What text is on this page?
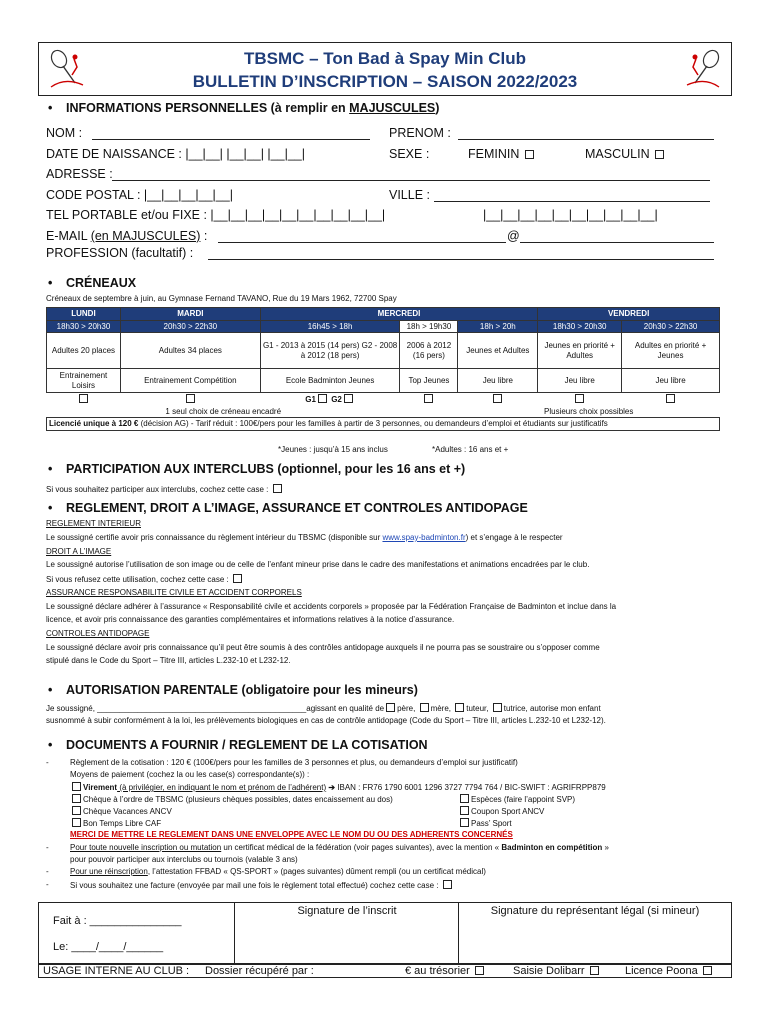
TBSMC – Ton Bad à Spay Min Club
BULLETIN D’INSCRIPTION – SAISON 2022/2023
• INFORMATIONS PERSONNELLES (à remplir en MAJUSCULES)
NOM :	PRENOM :
DATE DE NAISSANCE : |__|__| |__|__| |__|__|	SEXE :	FEMININ	MASCULIN
ADRESSE :
CODE POSTAL : |__|__|__|__|__|	VILLE :
TEL PORTABLE et/ou FIXE : |__|__|__|__|__|__|__|__|__|__|	|__|__|__|__|__|__|__|__|__|__|
E-MAIL (en MAJUSCULES) :	@
PROFESSION (facultatif) :
• CRÉNEAUX
Créneaux de septembre à juin, au Gymnase Fernand TAVANO, Rue du 19 Mars 1962, 72700 Spay
LUNDI	MARDI	MERCREDI			VENDREDI	
18h30 > 20h30	20h30 > 22h30	16h45 > 18h	18h > 19h30	18h > 20h	18h30 > 20h30	20h30 > 22h30
Adultes 20 places	Adultes 34 places	G1 - 2013 à 2015 (14 pers) G2 - 2008 à 2012 (18 pers)	2006 à 2012 (16 pers)	Jeunes et Adultes	Jeunes en priorité + Adultes	Adultes en priorité + Jeunes
Entrainement Loisirs	Entrainement Compétition	Ecole Badminton Jeunes	Top Jeunes	Jeu libre	Jeu libre	Jeu libre
		G1 G2				
1 seul choix de créneau encadré				Plusieurs choix possibles		
Licencié unique à 120 € (décision AG) - Tarif réduit : 100€/pers pour les familles à partir de 3 personnes, ou demandeurs d’emploi et étudiants sur justificatifs						
*Jeunes : jusqu’à 15 ans inclus	*Adultes : 16 ans et +
• PARTICIPATION AUX INTERCLUBS (optionnel, pour les 16 ans et +)
Si vous souhaitez participer aux interclubs, cochez cette case :
• REGLEMENT, DROIT A L’IMAGE, ASSURANCE ET CONTROLES ANTIDOPAGE
REGLEMENT INTERIEUR
Le soussigné certifie avoir pris connaissance du règlement intérieur du TBSMC (disponible sur www.spay-badminton.fr) et s’engage à le respecter
DROIT A L’IMAGE
Le soussigné autorise l’utilisation de son image ou de celle de l’enfant mineur prise dans le cadre des manifestations et animations encadrées par le club.
Si vous refusez cette utilisation, cochez cette case :
ASSURANCE RESPONSABILITE CIVILE ET ACCIDENT CORPORELS
Le soussigné déclare adhérer à l’assurance « Responsabilité civile et accidents corporels » proposée par la Fédération Française de Badminton et inclue dans la
licence, et avoir pris connaissance des garanties complémentaires et informations relatives à la notice d’assurance.
CONTROLES ANTIDOPAGE
Le soussigné déclare avoir pris connaissance qu’il peut être soumis à des contrôles antidopage auxquels il ne pourra pas se soustraire ou s’opposer comme
stipulé dans le Code du Sport – Titre III, articles L.232-10 et L232-12.
• AUTORISATION PARENTALE (obligatoire pour les mineurs)
Je soussigné, _______________________________________________agissant en qualité de père, mère, tuteur, tutrice, autorise mon enfant
susnommé à subir conformément à la loi, les prélèvements biologiques en cas de contrôle antidopage (Code du Sport – Titre III, articles L.232-10 et L232-12).
• DOCUMENTS A FOURNIR / REGLEMENT DE LA COTISATION
-	Règlement de la cotisation : 120 € (100€/pers pour les familles de 3 personnes et plus, ou demandeurs d’emploi sur justificatif)
Moyens de paiement (cochez la ou les case(s) correspondante(s)) :
Virement (à privilégier, en indiquant le nom et prénom de l’adhérent) ➔ IBAN : FR76 1790 6001 1296 3727 7794 764 / BIC-SWIFT : AGRIFRPP879
Chèque à l’ordre de TBSMC (plusieurs chèques possibles, dates encaissement au dos)	Espèces (faire l’appoint SVP)
Chèque Vacances ANCV	Coupon Sport ANCV
Bon Temps Libre CAF	Pass’ Sport
MERCI DE METTRE LE REGLEMENT DANS UNE ENVELOPPE AVEC LE NOM DU OU DES ADHERENTS CONCERNÉS
-	Pour toute nouvelle inscription ou mutation un certificat médical de la fédération (voir pages suivantes), avec la mention « Badminton en compétition »
pour pouvoir participer aux interclubs ou tournois (valable 3 ans)
-	Pour une réinscription, l’attestation FFBAD « QS-SPORT » (pages suivantes) dûment rempli (ou un certificat médical)
-	Si vous souhaitez une facture (envoyée par mail une fois le règlement total effectué) cochez cette case :
Fait à : _______________
Le: ____/____/______
Signature de l’inscrit	Signature du représentant légal (si mineur)
USAGE INTERNE AU CLUB : Dossier récupéré par :	€ au trésorier	Saisie Dolibarr	Licence Poona
